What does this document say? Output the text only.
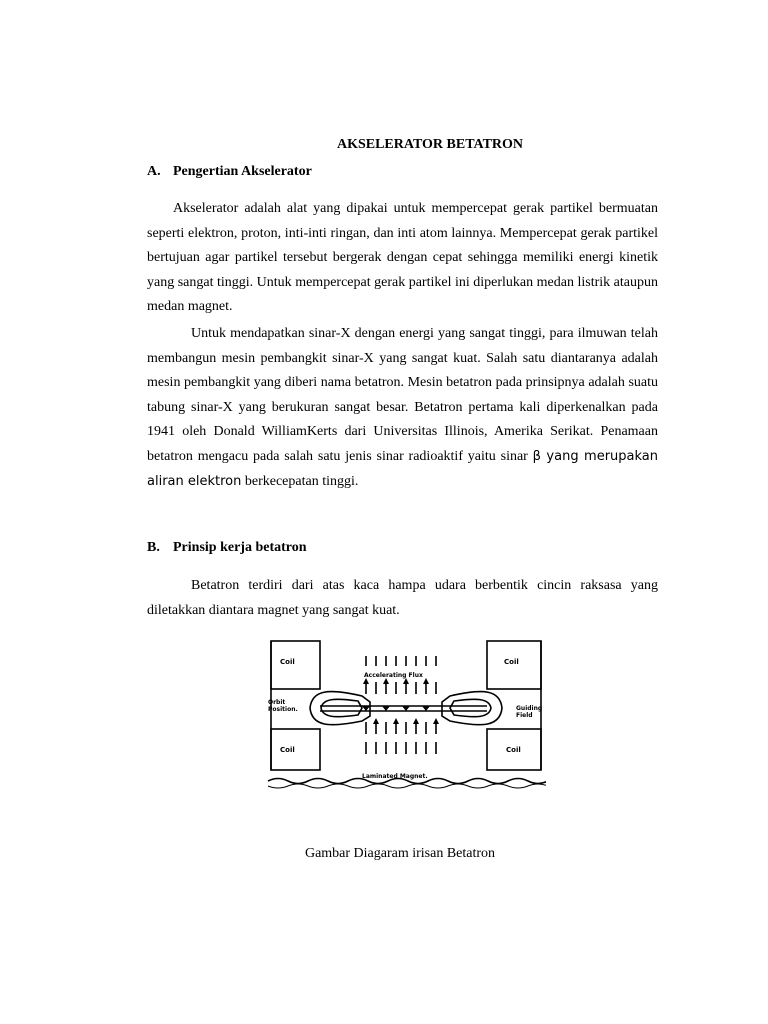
AKSELERATOR BETATRON
A. Pengertian Akselerator

Akselerator adalah alat yang dipakai untuk mempercepat gerak partikel bermuatan seperti elektron, proton, inti-inti ringan, dan inti atom lainnya. Mempercepat gerak partikel bertujuan agar partikel tersebut bergerak dengan cepat sehingga memiliki energi kinetik yang sangat tinggi. Untuk mempercepat gerak partikel ini diperlukan medan listrik ataupun medan magnet.

Untuk mendapatkan sinar-X dengan energi yang sangat tinggi, para ilmuwan telah membangun mesin pembangkit sinar-X yang sangat kuat. Salah satu diantaranya adalah mesin pembangkit yang diberi nama betatron. Mesin betatron pada prinsipnya adalah suatu tabung sinar-X yang berukuran sangat besar. Betatron pertama kali diperkenalkan pada 1941 oleh Donald WilliamKerts dari Universitas Illinois, Amerika Serikat. Penamaan betatron mengacu pada salah satu jenis sinar radioaktif yaitu sinar β yang merupakan aliran elektron berkecepatan tinggi.

B. Prinsip kerja betatron

Betatron terdiri dari atas kaca hampa udara berbentik cincin raksasa yang diletakkan diantara magnet yang sangat kuat.

Coil	Coil
Coil	Coil
Accelerating Flux
Laminated Magnet.
Orbit Position.	Guiding Field
Gambar Diagaram irisan Betatron
